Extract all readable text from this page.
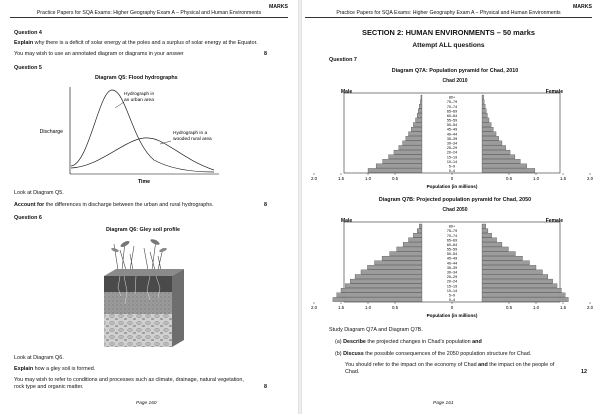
MARKS
Practice Papers for SQA Exams: Higher Geography Exam A – Physical and Human Environments
Question 4
Explain why there is a deficit of solar energy at the poles and a surplus of solar energy at the Equator.
You may wish to use an annotated diagram or diagrams in your answer	8
Question 5
Diagram Q5: Flood hydrographs
Discharge
Time
Hydrograph in
an urban area
Hydrograph in a
wooded rural area
Look at Diagram Q5.
Account for the differences in discharge between the urban and rural hydrographs.	8
Question 6
Diagram Q6: Gley soil profile
Look at Diagram Q6.
Explain how a gley soil is formed.
You may wish to refer to conditions and processes such as climate, drainage, natural vegetation,
rock type and organic matter.	8
Page 160
MARKS
Practice Papers for SQA Exams: Higher Geography Exam A – Physical and Human Environments
SECTION 2: HUMAN ENVIRONMENTS – 50 marks
Attempt ALL questions
Question 7
Diagram Q7A: Population pyramid for Chad, 2010
Chad 2010
Male	Female
Population (in millions)
0–4
5–9
10–14
15–19
20–24
25–29
30–34
35–39
40–44
45–49
50–54
55–59
60–64
65–69
70–74
75–79
80+
2.0	1.5	1.0	0.5	0	0.5	1.0	1.5	2.0
Diagram Q7B: Projected population pyramid for Chad, 2050
Chad 2050
Male	Female
Population (in millions)
0–4
5–9
10–14
15–19
20–24
25–29
30–34
35–39
40–44
45–49
50–54
55–59
60–64
65–69
70–74
75–79
80+
2.0	1.5	1.0	0.5	0	0.5	1.0	1.5	2.0
Study Diagram Q7A and Diagram Q7B.
(a) Describe the projected changes in Chad’s population and
(b) Discuss the possible consequences of the 2050 population structure for Chad.
You should refer to the impact on the economy of Chad and the impact on the people of
Chad.	12
Page 161
